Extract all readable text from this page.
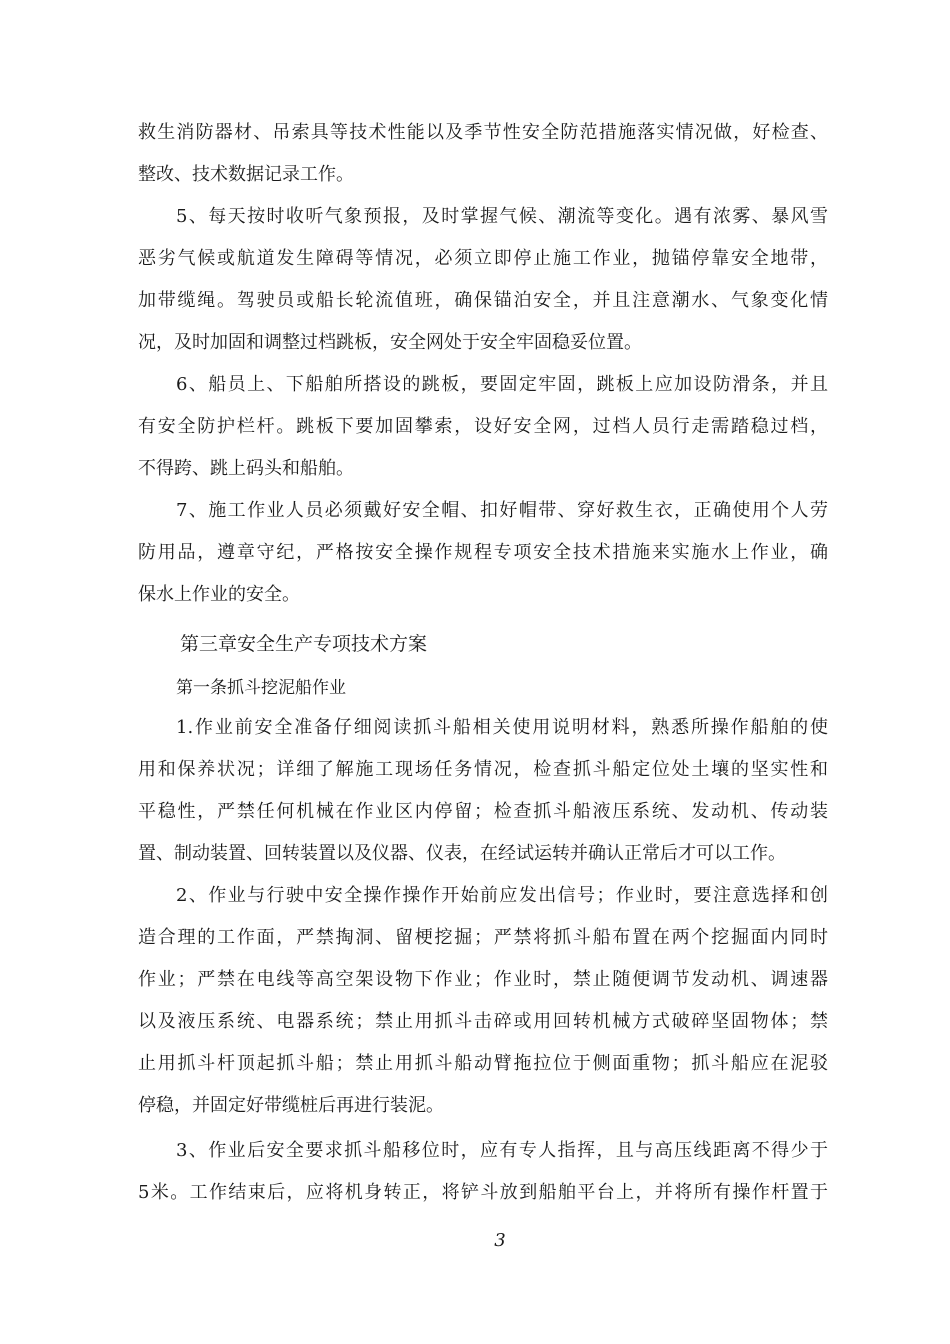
救生消防器材、吊索具等技术性能以及季节性安全防范措施落实情况做，好检查、
整改、技术数据记录工作。
5、每天按时收听气象预报，及时掌握气候、潮流等变化。遇有浓雾、暴风雪
恶劣气候或航道发生障碍等情况，必须立即停止施工作业，抛锚停靠安全地带，
加带缆绳。驾驶员或船长轮流值班，确保锚泊安全，并且注意潮水、气象变化情
况，及时加固和调整过档跳板，安全网处于安全牢固稳妥位置。
6、船员上、下船舶所搭设的跳板，要固定牢固，跳板上应加设防滑条，并且
有安全防护栏杆。跳板下要加固攀索，设好安全网，过档人员行走需踏稳过档，
不得跨、跳上码头和船舶。
7、施工作业人员必须戴好安全帽、扣好帽带、穿好救生衣，正确使用个人劳
防用品，遵章守纪，严格按安全操作规程专项安全技术措施来实施水上作业，确
保水上作业的安全。
第三章安全生产专项技术方案
第一条抓斗挖泥船作业
1.作业前安全准备仔细阅读抓斗船相关使用说明材料，熟悉所操作船舶的使
用和保养状况；详细了解施工现场任务情况，检查抓斗船定位处土壤的坚实性和
平稳性，严禁任何机械在作业区内停留；检查抓斗船液压系统、发动机、传动装
置、制动装置、回转装置以及仪器、仪表，在经试运转并确认正常后才可以工作。
2、作业与行驶中安全操作操作开始前应发出信号；作业时，要注意选择和创
造合理的工作面，严禁掏洞、留梗挖掘；严禁将抓斗船布置在两个挖掘面内同时
作业；严禁在电线等高空架设物下作业；作业时，禁止随便调节发动机、调速器
以及液压系统、电器系统；禁止用抓斗击碎或用回转机械方式破碎坚固物体；禁
止用抓斗杆顶起抓斗船；禁止用抓斗船动臂拖拉位于侧面重物；抓斗船应在泥驳
停稳，并固定好带缆桩后再进行装泥。
3、作业后安全要求抓斗船移位时，应有专人指挥，且与高压线距离不得少于
5米。工作结束后，应将机身转正，将铲斗放到船舶平台上，并将所有操作杆置于
3
